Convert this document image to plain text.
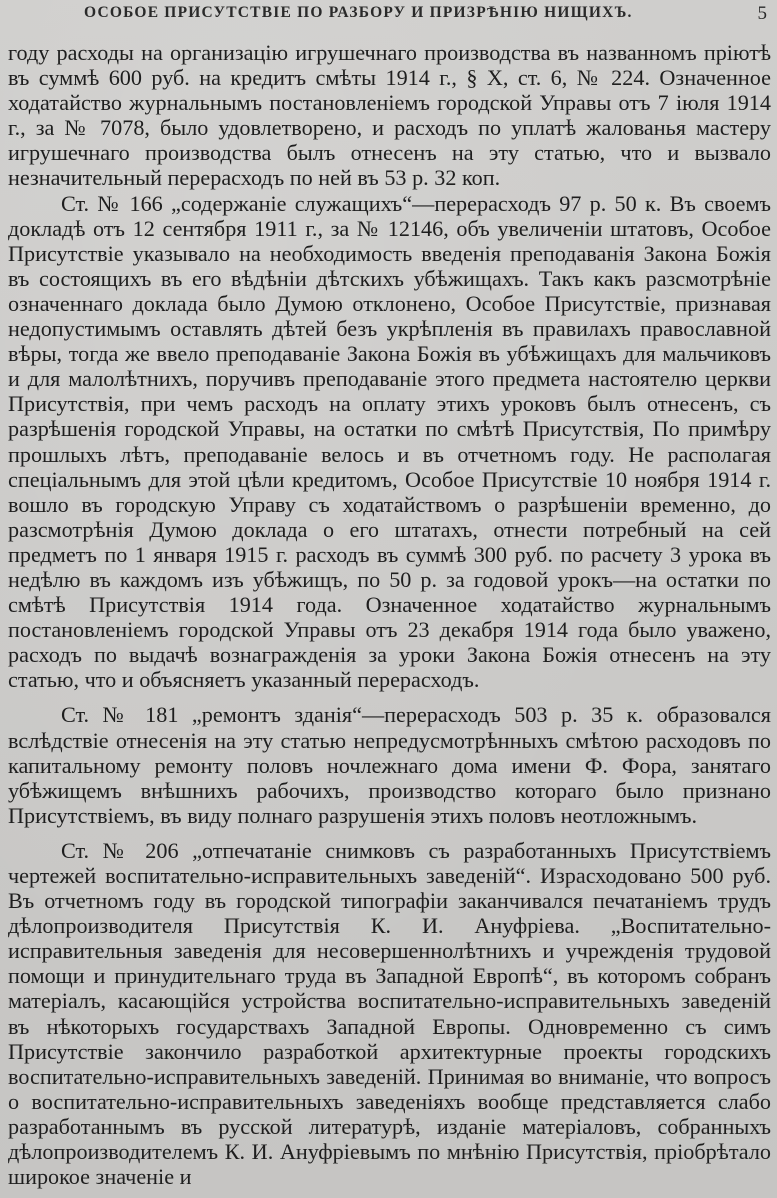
ОСОБОЕ ПРИСУТСТВІЕ ПО РАЗБОРУ И ПРИЗРѢНІЮ НИЩИХЪ.	5

году расходы на организацію игрушечнаго производства въ названномъ пріютѣ въ суммѣ 600 руб. на кредитъ смѣты 1914 г., § X, ст. 6, № 224. Означенное ходатайство журнальнымъ постановленіемъ городской Управы отъ 7 іюля 1914 г., за № 7078, было удовлетворено, и расходъ по уплатѣ жалованья мастеру игрушечнаго производства былъ отнесенъ на эту статью, что и вызвало незначительный перерасходъ по ней въ 53 р. 32 коп.

Ст. № 166 „содержаніе служащихъ“—перерасходъ 97 р. 50 к. Въ своемъ докладѣ отъ 12 сентября 1911 г., за № 12146, объ увеличеніи штатовъ, Особое Присутствіе указывало на необходимость введенія преподаванія Закона Божія въ состоящихъ въ его вѣдѣніи дѣтскихъ убѣжищахъ. Такъ какъ разсмотрѣніе означеннаго доклада было Думою отклонено, Особое Присутствіе, признавая недопустимымъ оставлять дѣтей безъ укрѣпленія въ правилахъ православной вѣры, тогда же ввело преподаваніе Закона Божія въ убѣжищахъ для мальчиковъ и для малолѣтнихъ, поручивъ преподаваніе этого предмета настоятелю церкви Присутствія, при чемъ расходъ на оплату этихъ уроковъ былъ отнесенъ, съ разрѣшенія городской Управы, на остатки по смѣтѣ Присутствія, По примѣру прошлыхъ лѣтъ, преподаваніе велось и въ отчетномъ году. Не располагая спеціальнымъ для этой цѣли кредитомъ, Особое Присутствіе 10 ноября 1914 г. вошло въ городскую Управу съ ходатайствомъ о разрѣшеніи временно, до разсмотрѣнія Думою доклада о его штатахъ, отнести потребный на сей предметъ по 1 января 1915 г. расходъ въ суммѣ 300 руб. по расчету 3 урока въ недѣлю въ каждомъ изъ убѣжищъ, по 50 р. за годовой урокъ—на остатки по смѣтѣ Присутствія 1914 года. Означенное ходатайство журнальнымъ постановленіемъ городской Управы отъ 23 декабря 1914 года было уважено, расходъ по выдачѣ вознагражденія за уроки Закона Божія отнесенъ на эту статью, что и объясняетъ указанный перерасходъ.

Ст. № 181 „ремонтъ зданія“—перерасходъ 503 р. 35 к. образовался вслѣдствіе отнесенія на эту статью непредусмотрѣнныхъ смѣтою расходовъ по капитальному ремонту половъ ночлежнаго дома имени Ф. Фора, занятаго убѣжищемъ внѣшнихъ рабочихъ, производство котораго было признано Присутствіемъ, въ виду полнаго разрушенія этихъ половъ неотложнымъ.

Ст. № 206 „отпечатаніе снимковъ съ разработанныхъ Присутствіемъ чертежей воспитательно-исправительныхъ заведеній“. Израсходовано 500 руб. Въ отчетномъ году въ городской типографіи заканчивался печатаніемъ трудъ дѣлопроизводителя Присутствія К. И. Ануфріева. „Воспитательно-исправительныя заведенія для несовершеннолѣтнихъ и учрежденія трудовой помощи и принудительнаго труда въ Западной Европѣ“, въ которомъ собранъ матеріалъ, касающійся устройства воспитательно-исправительныхъ заведеній въ нѣкоторыхъ государствахъ Западной Европы. Одновременно съ симъ Присутствіе закончило разработкой архитектурные проекты городскихъ воспитательно-исправительныхъ заведеній. Принимая во вниманіе, что вопросъ о воспитательно-исправительныхъ заведеніяхъ вообще представляется слабо разработаннымъ въ русской литературѣ, изданіе матеріаловъ, собранныхъ дѣлопроизводителемъ К. И. Ануфріевымъ по мнѣнію Присутствія, пріобрѣтало широкое значеніе и
